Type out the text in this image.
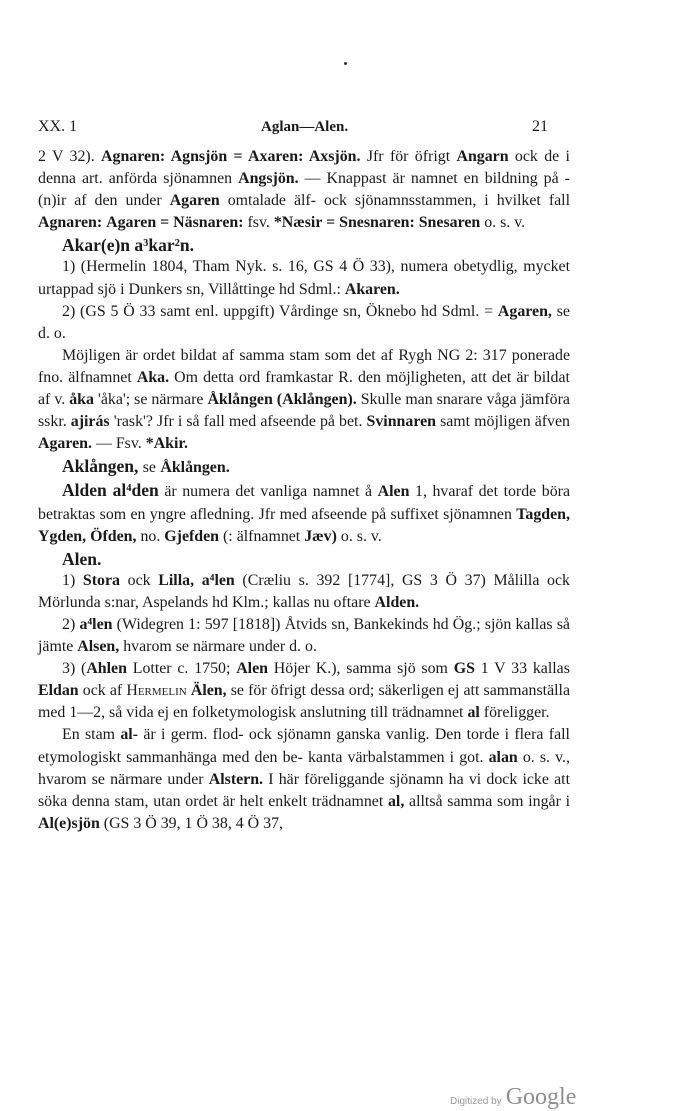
XX. 1	Aglan—Alen.	21

2 V 32). Agnaren: Agnsjön = Axaren: Axsjön. Jfr för öfrigt Angarn ock de i denna art. anförda sjönamnen Angsjön. — Knappast är namnet en bildning på -(n)ir af den under Agaren omtalade älf- ock sjönamnsstammen, i hvilket fall Agnaren: Agaren = Näsnaren: fsv. *Næsir = Snesnaren: Snesaren o. s. v.

Akar(e)n a³kar²n.

1) (Hermelin 1804, Tham Nyk. s. 16, GS 4 Ö 33), numera obetydlig, mycket urtappad sjö i Dunkers sn, Villåttinge hd Sdml.: Akaren.

2) (GS 5 Ö 33 samt enl. uppgift) Vårdinge sn, Öknebo hd Sdml. = Agaren, se d. o.

Möjligen är ordet bildat af samma stam som det af Rygh NG 2: 317 ponerade fno. älfnamnet Aka. Om detta ord framkastar R. den möjligheten, att det är bildat af v. åka 'åka'; se närmare Åklången (Aklången). Skulle man snarare våga jämföra sskr. ajirás 'rask'? Jfr i så fall med afseende på bet. Svinnaren samt möjligen äfven Agaren. — Fsv. *Akir.

Aklången, se Åklången.

Alden al⁴den är numera det vanliga namnet å Alen 1, hvaraf det torde böra betraktas som en yngre afledning. Jfr med afseende på suffixet sjönamnen Tagden, Ygden, Öfden, no. Gjefden (: älfnamnet Jæv) o. s. v.

Alen.

1) Stora ock Lilla, a⁴len (Cræliu s. 392 [1774], GS 3 Ö 37) Målilla ock Mörlunda s:nar, Aspelands hd Klm.; kallas nu oftare Alden.

2) a⁴len (Widegren 1: 597 [1818]) Åtvids sn, Bankekinds hd Ög.; sjön kallas så jämte Alsen, hvarom se närmare under d. o.

3) (Ahlen Lotter c. 1750; Alen Höjer K.), samma sjö som GS 1 V 33 kallas Eldan ock af Hermelin Älen, se för öfrigt dessa ord; säkerligen ej att sammanställa med 1—2, så vida ej en folketymologisk anslutning till trädnamnet al föreligger.

En stam al- är i germ. flod- ock sjönamn ganska vanlig. Den torde i flera fall etymologiskt sammanhänga med den be- kanta värbalstammen i got. alan o. s. v., hvarom se närmare under Alstern. I här föreliggande sjönamn ha vi dock icke att söka denna stam, utan ordet är helt enkelt trädnamnet al, alltså samma som ingår i Al(e)sjön (GS 3 Ö 39, 1 Ö 38, 4 Ö 37,

Digitized by Google
